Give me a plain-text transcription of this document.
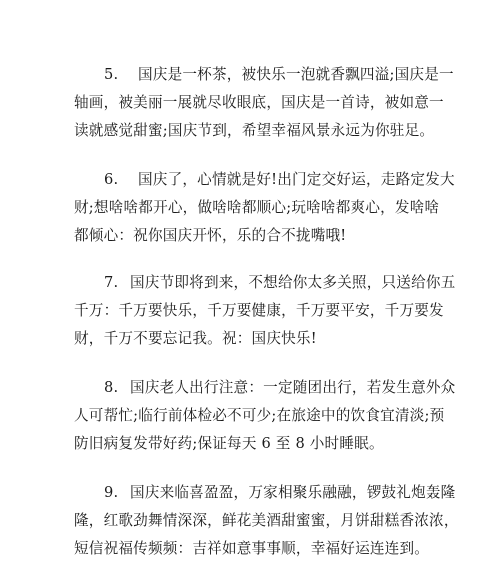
5. 国庆是一杯茶，被快乐一泡就香飘四溢;国庆是一
轴画，被美丽一展就尽收眼底，国庆是一首诗，被如意一
读就感觉甜蜜;国庆节到，希望幸福风景永远为你驻足。
6. 国庆了，心情就是好!出门定交好运，走路定发大
财;想啥啥都开心，做啥啥都顺心;玩啥啥都爽心，发啥啥
都倾心：祝你国庆开怀，乐的合不拢嘴哦!
7. 国庆节即将到来，不想给你太多关照，只送给你五
千万：千万要快乐，千万要健康，千万要平安，千万要发
财，千万不要忘记我。祝：国庆快乐!
8. 国庆老人出行注意：一定随团出行，若发生意外众
人可帮忙;临行前体检必不可少;在旅途中的饮食宜清淡;预
防旧病复发带好药;保证每天 6 至 8 小时睡眠。
9. 国庆来临喜盈盈，万家相聚乐融融，锣鼓礼炮轰隆
隆，红歌劲舞情深深，鲜花美酒甜蜜蜜，月饼甜糕香浓浓，
短信祝福传频频：吉祥如意事事顺，幸福好运连连到。
